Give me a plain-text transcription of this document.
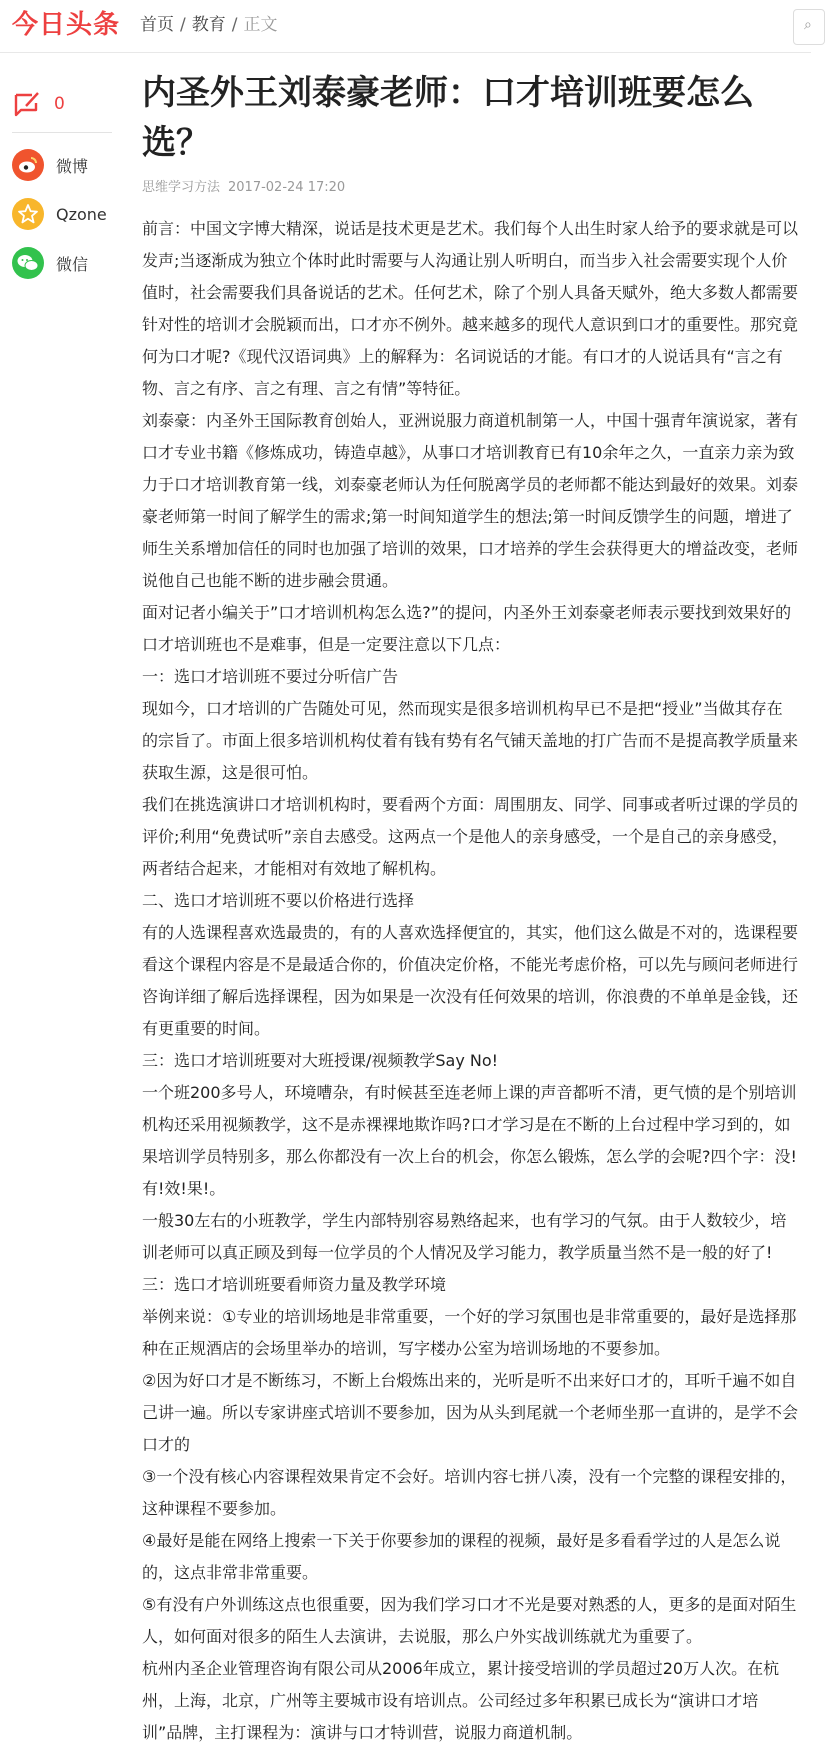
今日头条 首页 / 教育 / 正文	⌕
0
微博
Qzone
微信
内圣外王刘泰豪老师：口才培训班要怎么选？
思维学习方法 2017-02-24 17:20

前言：中国文字博大精深，说话是技术更是艺术。我们每个人出生时家人给予的要求就是可以发声;当逐渐成为独立个体时此时需要与人沟通让别人听明白，而当步入社会需要实现个人价值时，社会需要我们具备说话的艺术。任何艺术，除了个别人具备天赋外，绝大多数人都需要针对性的培训才会脱颖而出，口才亦不例外。越来越多的现代人意识到口才的重要性。那究竟何为口才呢?《现代汉语词典》上的解释为：名词说话的才能。有口才的人说话具有“言之有物、言之有序、言之有理、言之有情”等特征。

刘泰豪：内圣外王国际教育创始人，亚洲说服力商道机制第一人，中国十强青年演说家，著有口才专业书籍《修炼成功，铸造卓越》，从事口才培训教育已有10余年之久，一直亲力亲为致力于口才培训教育第一线，刘泰豪老师认为任何脱离学员的老师都不能达到最好的效果。刘泰豪老师第一时间了解学生的需求;第一时间知道学生的想法;第一时间反馈学生的问题，增进了师生关系增加信任的同时也加强了培训的效果，口才培养的学生会获得更大的增益改变，老师说他自己也能不断的进步融会贯通。

面对记者小编关于”口才培训机构怎么选?”的提问，内圣外王刘泰豪老师表示要找到效果好的口才培训班也不是难事，但是一定要注意以下几点：

一：选口才培训班不要过分听信广告

现如今，口才培训的广告随处可见，然而现实是很多培训机构早已不是把“授业”当做其存在的宗旨了。市面上很多培训机构仗着有钱有势有名气铺天盖地的打广告而不是提高教学质量来获取生源，这是很可怕。

我们在挑选演讲口才培训机构时，要看两个方面：周围朋友、同学、同事或者听过课的学员的评价;利用“免费试听”亲自去感受。这两点一个是他人的亲身感受，一个是自己的亲身感受，两者结合起来，才能相对有效地了解机构。

二、选口才培训班不要以价格进行选择

有的人选课程喜欢选最贵的，有的人喜欢选择便宜的，其实，他们这么做是不对的，选课程要看这个课程内容是不是最适合你的，价值决定价格，不能光考虑价格，可以先与顾问老师进行咨询详细了解后选择课程，因为如果是一次没有任何效果的培训，你浪费的不单单是金钱，还有更重要的时间。

三：选口才培训班要对大班授课/视频教学Say No!

一个班200多号人，环境嘈杂，有时候甚至连老师上课的声音都听不清，更气愤的是个别培训机构还采用视频教学，这不是赤裸裸地欺诈吗?口才学习是在不断的上台过程中学习到的，如果培训学员特别多，那么你都没有一次上台的机会，你怎么锻炼，怎么学的会呢?四个字：没!有!效!果!。

一般30左右的小班教学，学生内部特别容易熟络起来，也有学习的气氛。由于人数较少，培训老师可以真正顾及到每一位学员的个人情况及学习能力，教学质量当然不是一般的好了!

三：选口才培训班要看师资力量及教学环境

举例来说：①专业的培训场地是非常重要，一个好的学习氛围也是非常重要的，最好是选择那种在正规酒店的会场里举办的培训，写字楼办公室为培训场地的不要参加。

②因为好口才是不断练习，不断上台煅炼出来的，光听是听不出来好口才的，耳听千遍不如自己讲一遍。所以专家讲座式培训不要参加，因为从头到尾就一个老师坐那一直讲的，是学不会口才的

③一个没有核心内容课程效果肯定不会好。培训内容七拼八凑，没有一个完整的课程安排的，这种课程不要参加。

④最好是能在网络上搜索一下关于你要参加的课程的视频，最好是多看看学过的人是怎么说的，这点非常非常重要。

⑤有没有户外训练这点也很重要，因为我们学习口才不光是要对熟悉的人，更多的是面对陌生人，如何面对很多的陌生人去演讲，去说服，那么户外实战训练就尤为重要了。

杭州内圣企业管理咨询有限公司从2006年成立，累计接受培训的学员超过20万人次。在杭州，上海，北京，广州等主要城市设有培训点。公司经过多年积累已成长为“演讲口才培训”品牌，主打课程为：演讲与口才特训营，说服力商道机制。
